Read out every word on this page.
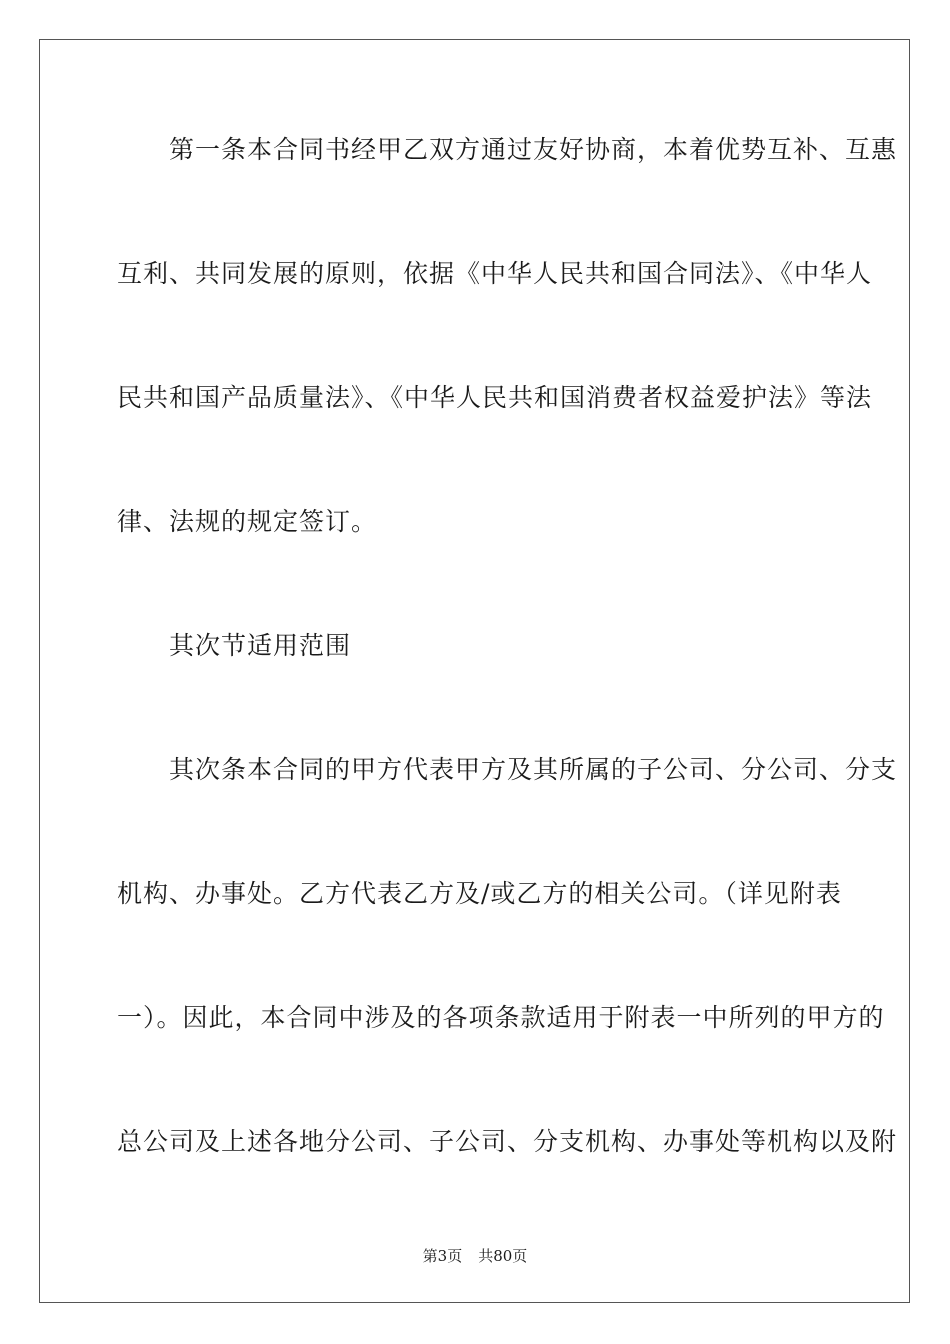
　　第一条本合同书经甲乙双方通过友好协商，本着优势互补、互惠
互利、共同发展的原则，依据《中华人民共和国合同法》、《中华人
民共和国产品质量法》、《中华人民共和国消费者权益爱护法》等法
律、法规的规定签订。
　　其次节适用范围
　　其次条本合同的甲方代表甲方及其所属的子公司、分公司、分支
机构、办事处。乙方代表乙方及/或乙方的相关公司。（详见附表
一）。因此，本合同中涉及的各项条款适用于附表一中所列的甲方的
总公司及上述各地分公司、子公司、分支机构、办事处等机构以及附
第3页 共80页
